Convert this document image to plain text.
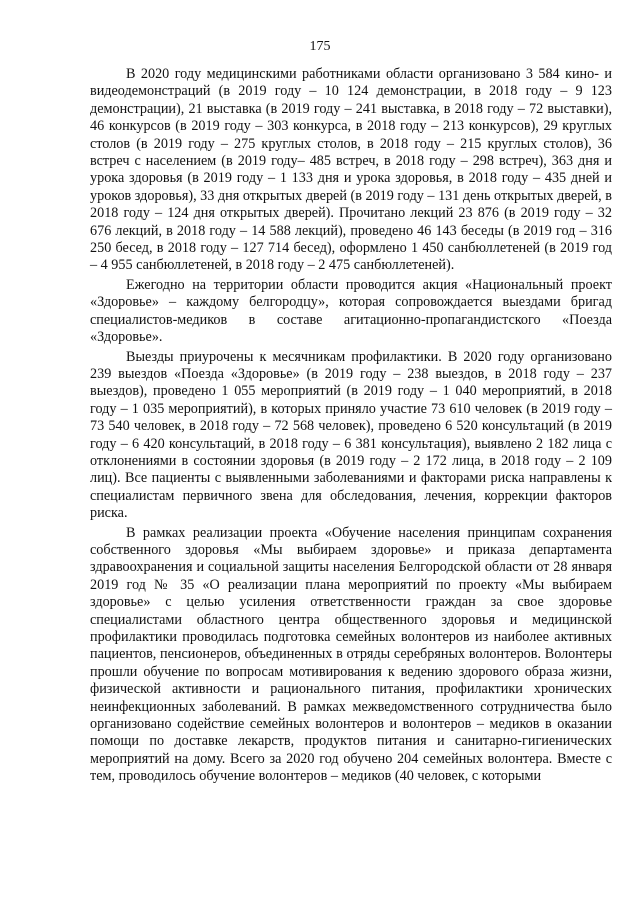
175

В 2020 году медицинскими работниками области организовано 3 584 кино- и видеодемонстраций (в 2019 году – 10 124 демонстрации, в 2018 году – 9 123 демонстрации), 21 выставка (в 2019 году – 241 выставка, в 2018 году – 72 выставки), 46 конкурсов (в 2019 году – 303 конкурса, в 2018 году – 213 конкурсов), 29 круглых столов (в 2019 году – 275 круглых столов, в 2018 году – 215 круглых столов), 36 встреч с населением (в 2019 году– 485 встреч, в 2018 году – 298 встреч), 363 дня и урока здоровья (в 2019 году – 1 133 дня и урока здоровья, в 2018 году – 435 дней и уроков здоровья), 33 дня открытых дверей (в 2019 году – 131 день открытых дверей, в 2018 году – 124 дня открытых дверей). Прочитано лекций 23 876 (в 2019 году – 32 676 лекций, в 2018 году – 14 588 лекций), проведено 46 143 беседы (в 2019 год – 316 250 бесед, в 2018 году – 127 714 бесед), оформлено 1 450 санбюллетеней (в 2019 год – 4 955 санбюллетеней, в 2018 году – 2 475 санбюллетеней).

Ежегодно на территории области проводится акция «Национальный проект «Здоровье» – каждому белгородцу», которая сопровождается выездами бригад специалистов-медиков в составе агитационно-пропагандистского «Поезда «Здоровье».

Выезды приурочены к месячникам профилактики. В 2020 году организовано 239 выездов «Поезда «Здоровье» (в 2019 году – 238 выездов, в 2018 году – 237 выездов), проведено 1 055 мероприятий (в 2019 году – 1 040 мероприятий, в 2018 году – 1 035 мероприятий), в которых приняло участие 73 610 человек (в 2019 году – 73 540 человек, в 2018 году – 72 568 человек), проведено 6 520 консультаций (в 2019 году – 6 420 консультаций, в 2018 году – 6 381 консультация), выявлено 2 182 лица с отклонениями в состоянии здоровья (в 2019 году – 2 172 лица, в 2018 году – 2 109 лиц). Все пациенты с выявленными заболеваниями и факторами риска направлены к специалистам первичного звена для обследования, лечения, коррекции факторов риска.

В рамках реализации проекта «Обучение населения принципам сохранения собственного здоровья «Мы выбираем здоровье» и приказа департамента здравоохранения и социальной защиты населения Белгородской области от 28 января 2019 год № 35 «О реализации плана мероприятий по проекту «Мы выбираем здоровье» с целью усиления ответственности граждан за свое здоровье специалистами областного центра общественного здоровья и медицинской профилактики проводилась подготовка семейных волонтеров из наиболее активных пациентов, пенсионеров, объединенных в отряды серебряных волонтеров. Волонтеры прошли обучение по вопросам мотивирования к ведению здорового образа жизни, физической активности и рационального питания, профилактики хронических неинфекционных заболеваний. В рамках межведомственного сотрудничества было организовано содействие семейных волонтеров и волонтеров – медиков в оказании помощи по доставке лекарств, продуктов питания и санитарно-гигиенических мероприятий на дому. Всего за 2020 год обучено 204 семейных волонтера. Вместе с тем, проводилось обучение волонтеров – медиков (40 человек, с которыми
